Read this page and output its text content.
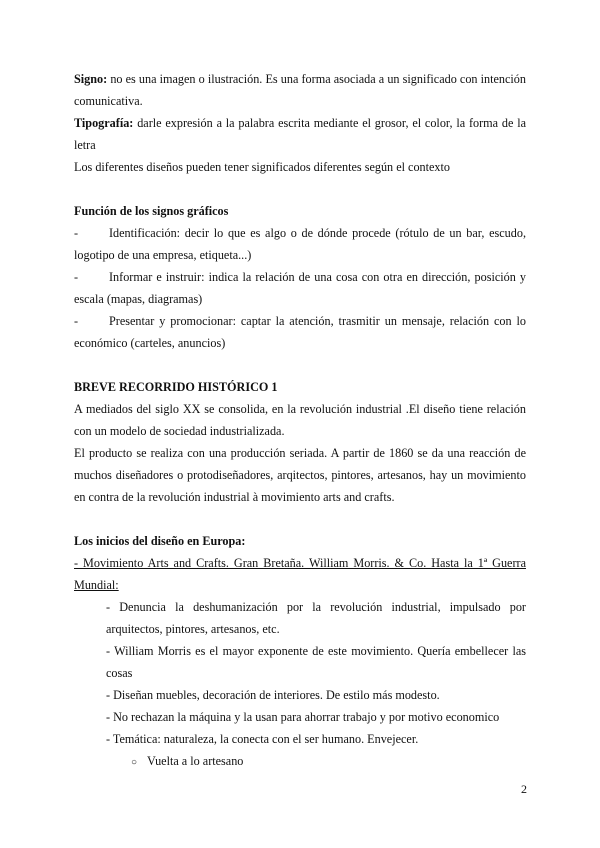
Signo: no es una imagen o ilustración. Es una forma asociada a un significado con intención comunicativa.

Tipografía: darle expresión a la palabra escrita mediante el grosor, el color, la forma de la letra

Los diferentes diseños pueden tener significados diferentes según el contexto

Función de los signos gráficos

-	Identificación: decir lo que es algo o de dónde procede (rótulo de un bar, escudo, logotipo de una empresa, etiqueta...)

-	Informar e instruir: indica la relación de una cosa con otra en dirección, posición y escala (mapas, diagramas)

-	Presentar y promocionar: captar la atención, trasmitir un mensaje, relación con lo económico (carteles, anuncios)

BREVE RECORRIDO HISTÓRICO 1

A mediados del siglo XX se consolida, en la revolución industrial .El diseño tiene relación con un modelo de sociedad industrializada.

El producto se realiza con una producción seriada. A partir de 1860 se da una reacción de muchos diseñadores o protodiseñadores, arqitectos, pintores, artesanos, hay un movimiento en contra de la revolución industrial à movimiento arts and crafts.

Los inicios del diseño en Europa:

- Movimiento Arts and Crafts. Gran Bretaña. William Morris. & Co. Hasta la 1ª Guerra Mundial:

- Denuncia la deshumanización por la revolución industrial, impulsado por arquitectos, pintores, artesanos, etc.

- William Morris es el mayor exponente de este movimiento. Quería embellecer las cosas

- Diseñan muebles, decoración de interiores. De estilo más modesto.

- No rechazan la máquina y la usan para ahorrar trabajo y por motivo economico

- Temática: naturaleza, la conecta con el ser humano. Envejecer.

○ Vuelta a lo artesano

2
